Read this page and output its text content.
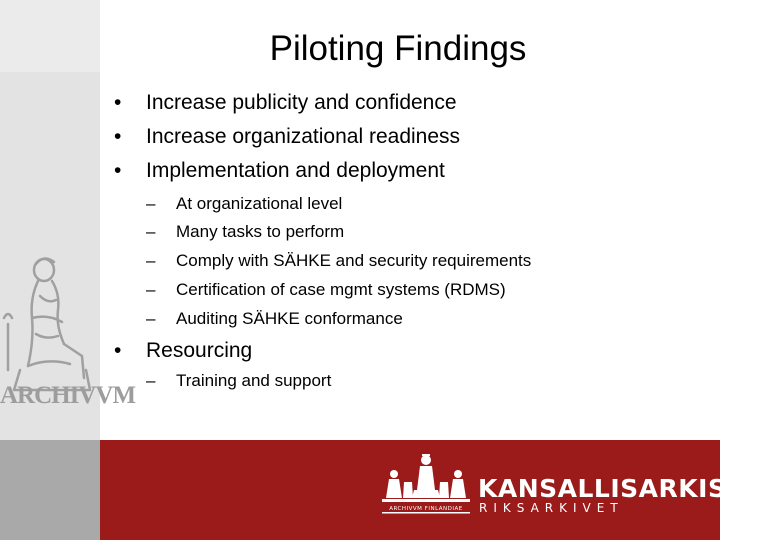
ARCHIVVM
ARCHIVVM FINLANDIAE
KANSALLISARKISTO
RIKSARKIVET
Piloting Findings
• Increase publicity and confidence
• Increase organizational readiness
• Implementation and deployment
– At organizational level
– Many tasks to perform
– Comply with SÄHKE and security requirements
– Certification of case mgmt systems (RDMS)
– Auditing SÄHKE conformance
• Resourcing
– Training and support
